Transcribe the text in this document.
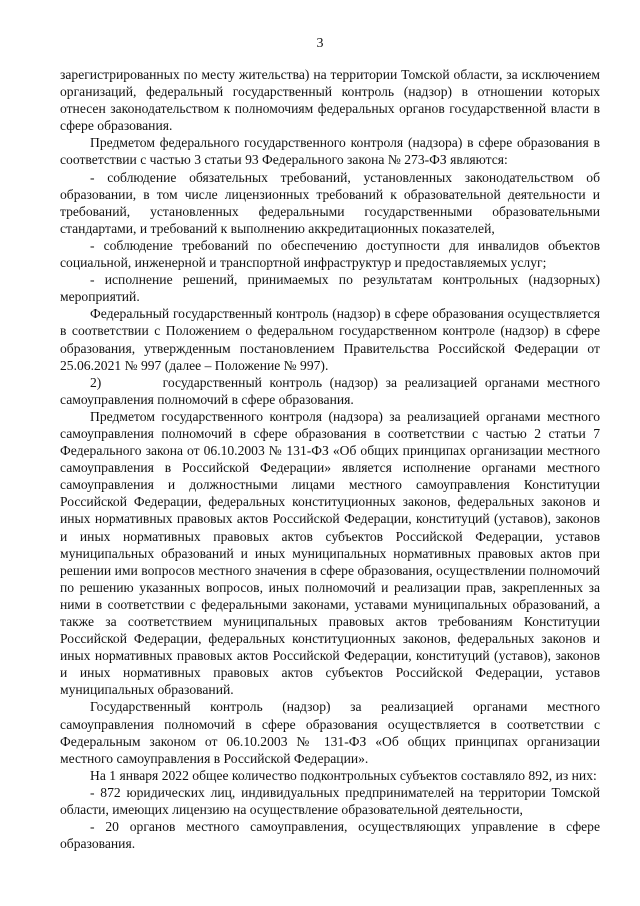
3

зарегистрированных по месту жительства) на территории Томской области, за исключением организаций, федеральный государственный контроль (надзор) в отношении которых отнесен законодательством к полномочиям федеральных органов государственной власти в сфере образования.

Предметом федерального государственного контроля (надзора) в сфере образования в соответствии с частью 3 статьи 93 Федерального закона № 273-ФЗ являются:

- соблюдение обязательных требований, установленных законодательством об образовании, в том числе лицензионных требований к образовательной деятельности и требований, установленных федеральными государственными образовательными стандартами, и требований к выполнению аккредитационных показателей,

- соблюдение требований по обеспечению доступности для инвалидов объектов социальной, инженерной и транспортной инфраструктур и предоставляемых услуг;

- исполнение решений, принимаемых по результатам контрольных (надзорных) мероприятий.

Федеральный государственный контроль (надзор) в сфере образования осуществляется в соответствии с Положением о федеральном государственном контроле (надзор) в сфере образования, утвержденным постановлением Правительства Российской Федерации от 25.06.2021 № 997 (далее – Положение № 997).

2)        государственный контроль (надзор) за реализацией органами местного самоуправления полномочий в сфере образования.

Предметом государственного контроля (надзора) за реализацией органами местного самоуправления полномочий в сфере образования в соответствии с частью 2 статьи 7 Федерального закона от 06.10.2003 № 131-ФЗ «Об общих принципах организации местного самоуправления в Российской Федерации» является исполнение органами местного самоуправления и должностными лицами местного самоуправления Конституции Российской Федерации, федеральных конституционных законов, федеральных законов и иных нормативных правовых актов Российской Федерации, конституций (уставов), законов и иных нормативных правовых актов субъектов Российской Федерации, уставов муниципальных образований и иных муниципальных нормативных правовых актов при решении ими вопросов местного значения в сфере образования, осуществлении полномочий по решению указанных вопросов, иных полномочий и реализации прав, закрепленных за ними в соответствии с федеральными законами, уставами муниципальных образований, а также за соответствием муниципальных правовых актов требованиям Конституции Российской Федерации, федеральных конституционных законов, федеральных законов и иных нормативных правовых актов Российской Федерации, конституций (уставов), законов и иных нормативных правовых актов субъектов Российской Федерации, уставов муниципальных образований.

Государственный контроль (надзор) за реализацией органами местного самоуправления полномочий в сфере образования осуществляется в соответствии с Федеральным законом от 06.10.2003 № 131-ФЗ «Об общих принципах организации местного самоуправления в Российской Федерации».

На 1 января 2022 общее количество подконтрольных субъектов составляло 892, из них:

- 872 юридических лиц, индивидуальных предпринимателей на территории Томской области, имеющих лицензию на осуществление образовательной деятельности,

- 20 органов местного самоуправления, осуществляющих управление в сфере образования.
